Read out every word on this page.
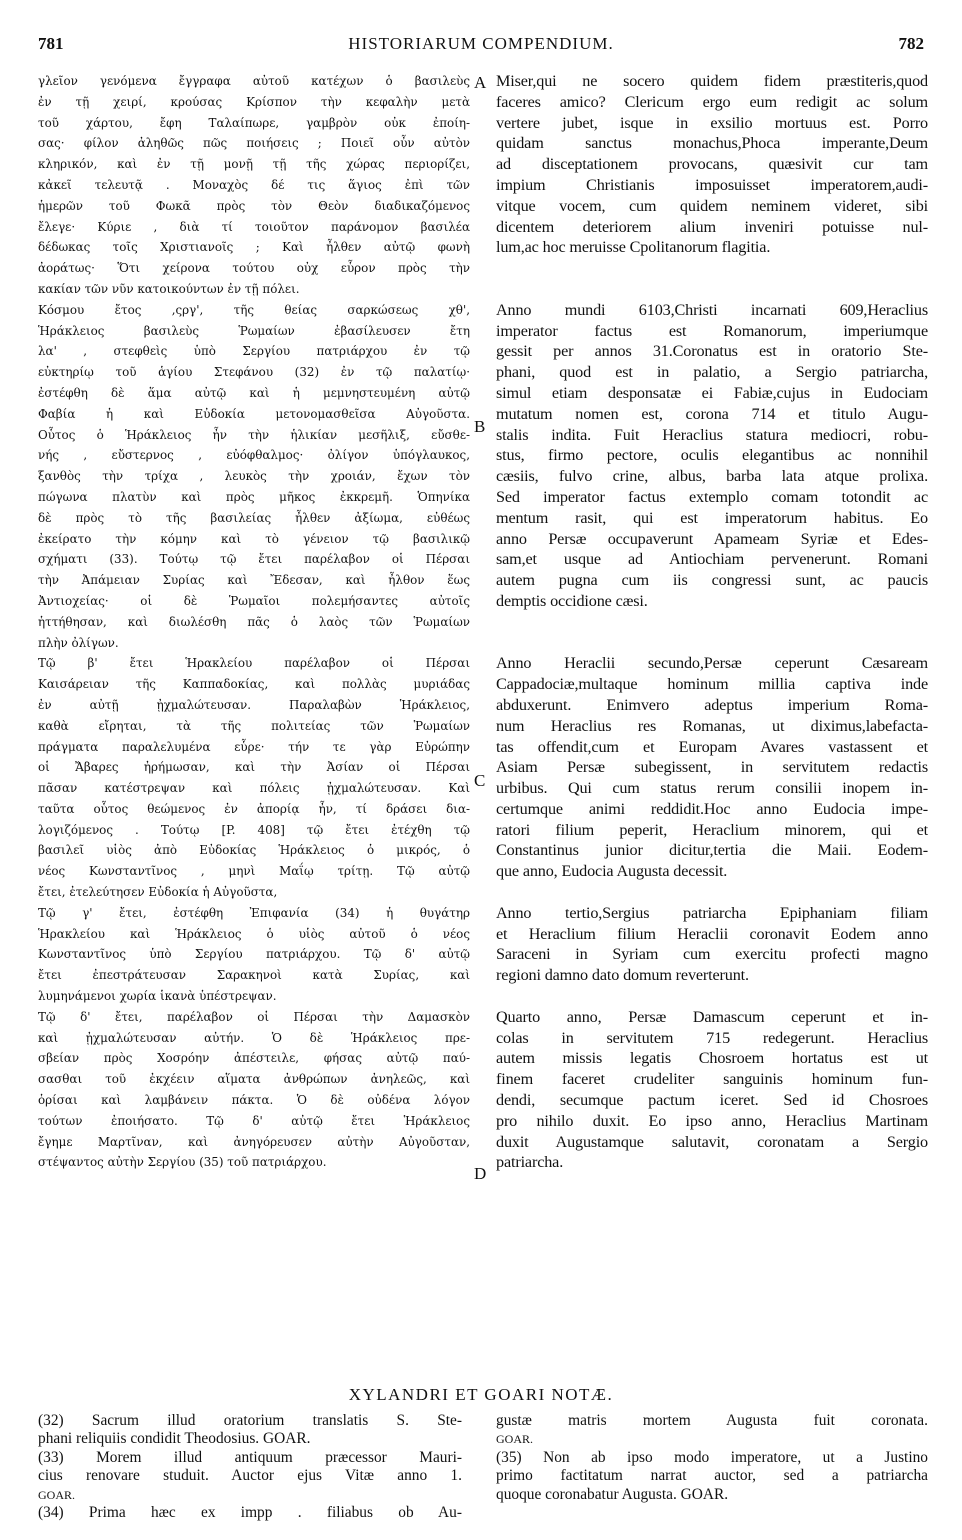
781	HISTORIARUM COMPENDIUM.	782
γλεῖον γενόμενα ἔγγραφα αὐτοῦ κατέχων ὁ βασιλεὺς
ἐν τῇ χειρί, κρούσας Κρίσπον τὴν κεφαλὴν μετὰ
τοῦ χάρτου, ἔφη Ταλαίπωρε, γαμβρὸν οὐκ ἐποίη-
σας· φίλον ἀληθῶς πῶς ποιήσεις ; Ποιεῖ οὖν αὐτὸν
κληρικόν, καὶ ἐν τῇ μονῇ τῇ τῆς χώρας περιορίζει,
κἀκεῖ τελευτᾷ . Μοναχὸς δέ τις ἅγιος ἐπὶ τῶν
ἡμερῶν τοῦ Φωκᾶ πρὸς τὸν Θεὸν διαδικαζόμενος
ἔλεγε· Κύριε , διὰ τί τοιοῦτον παράνομον βασιλέα
δέδωκας τοῖς Χριστιανοῖς ; Καὶ ἦλθεν αὐτῷ φωνὴ
ἀοράτως· Ὅτι χείρονα τούτου οὐχ εὗρον πρὸς τὴν
κακίαν τῶν νῦν κατοικούντων ἐν τῇ πόλει.
Κόσμου ἔτος ,ςργ', τῆς θείας σαρκώσεως χθ',
Ἡράκλειος βασιλεὺς Ῥωμαίων ἐβασίλευσεν ἔτη
λα' , στεφθεὶς ὑπὸ Σεργίου πατριάρχου ἐν τῷ
εὐκτηρίῳ τοῦ ἁγίου Στεφάνου (32) ἐν τῷ παλατίῳ·
ἐστέφθη δὲ ἅμα αὐτῷ καὶ ἡ μεμνηστευμένη αὐτῷ
Φαβία ἡ καὶ Εὐδοκία μετονομασθεῖσα Αὐγοῦστα.
Οὗτος ὁ Ἡράκλειος ἦν τὴν ἡλικίαν μεσῆλιξ, εὔσθε-
νής , εὔστερνος , εὐόφθαλμος· ὀλίγον ὑπόγλαυκος,
ξανθὸς τὴν τρίχα , λευκὸς τὴν χροιάν, ἔχων τὸν
πώγωνα πλατὺν καὶ πρὸς μῆκος ἐκκρεμῆ. Ὁπηνίκα
δὲ πρὸς τὸ τῆς βασιλείας ἦλθεν ἀξίωμα, εὐθέως
ἐκείρατο τὴν κόμην καὶ τὸ γένειον τῷ βασιλικῷ
σχήματι (33). Τούτῳ τῷ ἔτει παρέλαβον οἱ Πέρσαι
τὴν Ἀπάμειαν Συρίας καὶ Ἔδεσαν, καὶ ἦλθον ἕως
Ἀντιοχείας· οἱ δὲ Ῥωμαῖοι πολεμήσαντες αὐτοῖς
ἡττήθησαν, καὶ διωλέσθη πᾶς ὁ λαὸς τῶν Ῥωμαίων
πλὴν ὀλίγων.
Τῷ β' ἔτει Ἡρακλείου παρέλαβον οἱ Πέρσαι
Καισάρειαν τῆς Καππαδοκίας, καὶ πολλὰς μυριάδας
ἐν αὐτῇ ᾐχμαλώτευσαν. Παραλαβὼν Ἡράκλειος,
καθὰ εἴρηται, τὰ τῆς πολιτείας τῶν Ῥωμαίων
πράγματα παραλελυμένα εὗρε· τήν τε γὰρ Εὐρώπην
οἱ Ἄβαρες ἠρήμωσαν, καὶ τὴν Ἀσίαν οἱ Πέρσαι
πᾶσαν κατέστρεψαν καὶ πόλεις ᾐχμαλώτευσαν. Καὶ
ταῦτα οὗτος θεώμενος ἐν ἀπορίᾳ ἦν, τί δράσει δια-
λογιζόμενος . Τούτῳ [P. 408] τῷ ἔτει ἐτέχθη τῷ
βασιλεῖ υἱὸς ἀπὸ Εὐδοκίας Ἡράκλειος ὁ μικρός, ὁ
νέος Κωνσταντῖνος , μηνὶ Μαΐῳ τρίτῃ. Τῷ αὐτῷ
ἔτει, ἐτελεύτησεν Εὐδοκία ἡ Αὐγοῦστα,
Τῷ γ' ἔτει, ἐστέφθη Ἐπιφανία (34) ἡ θυγάτηρ
Ἡρακλείου καὶ Ἡράκλειος ὁ υἱὸς αὐτοῦ ὁ νέος
Κωνσταντῖνος ὑπὸ Σεργίου πατριάρχου. Τῷ δ' αὐτῷ
ἔτει ἐπεστράτευσαν Σαρακηνοὶ κατὰ Συρίας, καὶ
λυμηνάμενοι χωρία ἱκανὰ ὑπέστρεψαν.
Τῷ δ' ἔτει, παρέλαβον οἱ Πέρσαι τὴν Δαμασκὸν
καὶ ᾐχμαλώτευσαν αὐτήν. Ὁ δὲ Ἡράκλειος πρε-
σβείαν πρὸς Χοσρόην ἀπέστειλε, φήσας αὐτῷ παύ-
σασθαι τοῦ ἐκχέειν αἵματα ἀνθρώπων ἀνηλεῶς, καὶ
ὁρίσαι καὶ λαμβάνειν πάκτα. Ὁ δὲ οὐδένα λόγον
τούτων ἐποιήσατο. Τῷ δ' αὐτῷ ἔτει Ἡράκλειος
ἔγημε Μαρτῖναν, καὶ ἀνηγόρευσεν αὐτὴν Αὐγοῦσταν,
στέψαντος αὐτὴν Σεργίου (35) τοῦ πατριάρχου.
Miser,qui ne socero quidem fidem præstiteris,quod
faceres amico? Clericum ergo eum redigit ac solum
vertere jubet, isque in exsilio mortuus est. Porro
quidam sanctus monachus,Phoca imperante,Deum
ad disceptationem provocans, quæsivit cur tam
impium Christianis imposuisset imperatorem,audi-
vitque vocem, cum quidem neminem videret, sibi
dicentem deteriorem alium inveniri potuisse nul-
lum,ac hoc meruisse Cpolitanorum flagitia.
Anno mundi 6103,Christi incarnati 609,Heraclius
imperator factus est Romanorum, imperiumque
gessit per annos 31.Coronatus est in oratorio Ste-
phani, quod est in palatio, a Sergio patriarcha,
simul etiam desponsatæ ei Fabiæ,cujus in Eudociam
mutatum nomen est, corona 714 et titulo Augu-
stalis indita. Fuit Heraclius statura mediocri, robu-
stus, firmo pectore, oculis elegantibus ac nonnihil
cæsiis, fulvo crine, albus, barba lata atque prolixa.
Sed imperator factus extemplo comam totondit ac
mentum rasit, qui est imperatorum habitus. Eo
anno Persæ occupaverunt Apameam Syriæ et Edes-
sam,et usque ad Antiochiam pervenerunt. Romani
autem pugna cum iis congressi sunt, ac paucis
demptis occidione cæsi.
Anno Heraclii secundo,Persæ ceperunt Cæsaream
Cappadociæ,multaque hominum millia captiva inde
abduxerunt. Enimvero adeptus imperium Roma-
num Heraclius res Romanas, ut diximus,labefacta-
tas offendit,cum et Europam Avares vastassent et
Asiam Persæ subegissent, in servitutem redactis
urbibus. Qui cum status rerum consilii inopem in-
certumque animi reddidit.Hoc anno Eudocia impe-
ratori filium peperit, Heraclium minorem, qui et
Constantinus junior dicitur,tertia die Maii. Eodem-
que anno, Eudocia Augusta decessit.
Anno tertio,Sergius patriarcha Epiphaniam filiam
et Heraclium filium Heraclii coronavit Eodem anno
Saraceni in Syriam cum exercitu profecti magno
regioni damno dato domum reverterunt.
Quarto anno, Persæ Damascum ceperunt et in-
colas in servitutem 715 redegerunt. Heraclius
autem missis legatis Chosroem hortatus est ut
finem faceret crudeliter sanguinis hominum fun-
dendi, secumque pactum iceret. Sed id Chosroes
pro nihilo duxit. Eo ipso anno, Heraclius Martinam
duxit Augustamque salutavit, coronatam a Sergio
patriarcha.
A
B
C
D
XYLANDRI ET GOARI NOTÆ.
(32) Sacrum illud oratorium translatis S. Ste-
phani reliquiis condidit Theodosius. GOAR.
(33) Morem illud antiquum præcessor Mauri-
cius renovare studuit. Auctor ejus Vitæ anno 1.
GOAR.
(34) Prima hæc ex impp . filiabus ob Au-
gustæ matris mortem Augusta fuit coronata.
GOAR.
(35) Non ab ipso modo imperatore, ut a Justino
primo factitatum narrat auctor, sed a patriarcha
quoque coronabatur Augusta. GOAR.
